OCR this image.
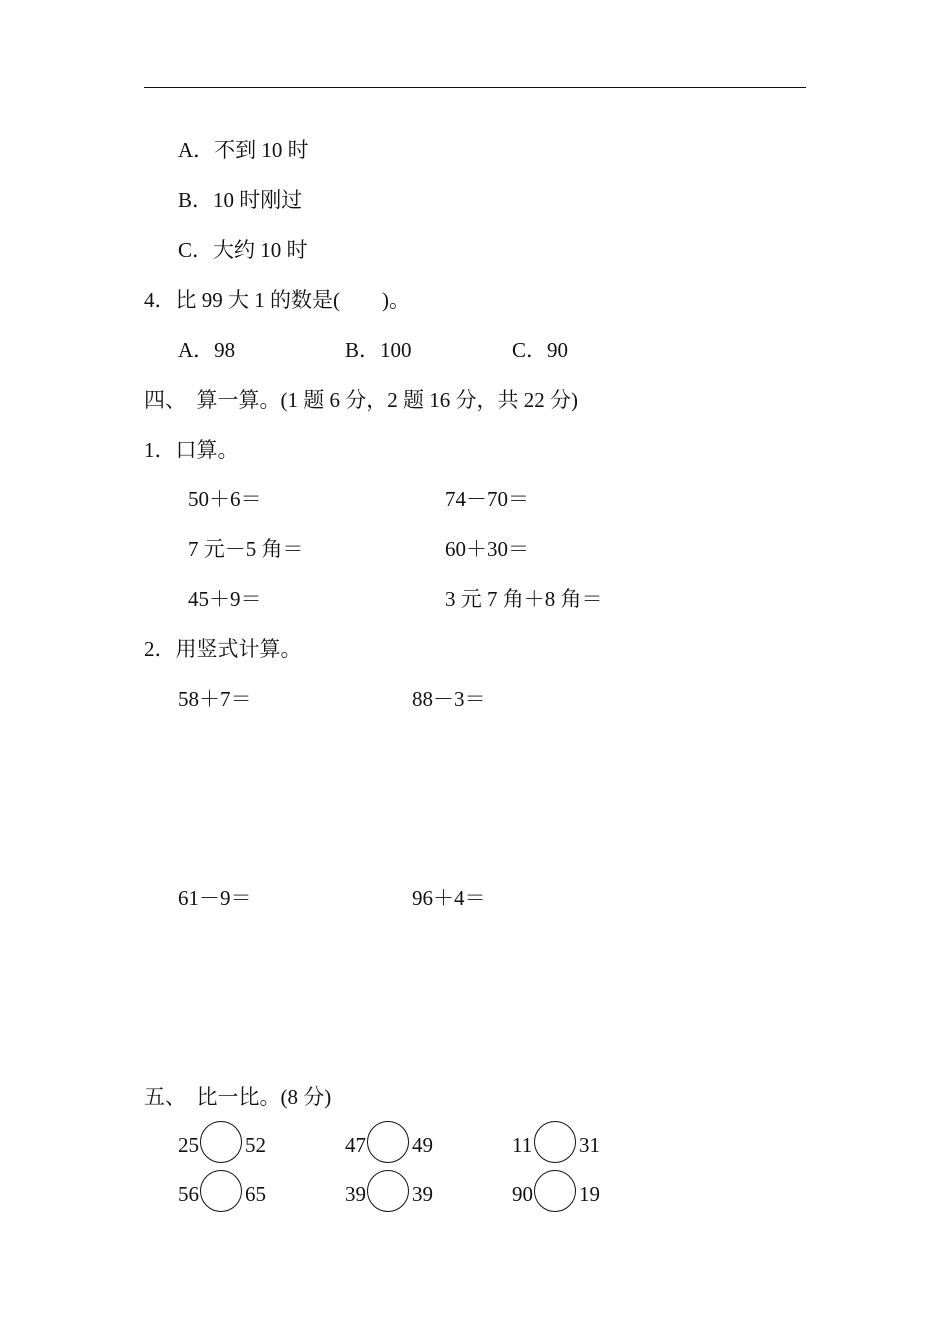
A．不到 10 时
B．10 时刚过
C．大约 10 时
4．比 99 大 1 的数是(        )。
A．98	B．100	C．90
四、  算一算。(1 题 6 分，2 题 16 分，共 22 分)
1．口算。
50＋6＝	74－70＝
7 元－5 角＝	60＋30＝
45＋9＝	3 元 7 角＋8 角＝
2．用竖式计算。
58＋7＝	88－3＝
61－9＝	96＋4＝
五、  比一比。(8 分)
25 52	47 49	11 31
56 65	39 39	90 19
